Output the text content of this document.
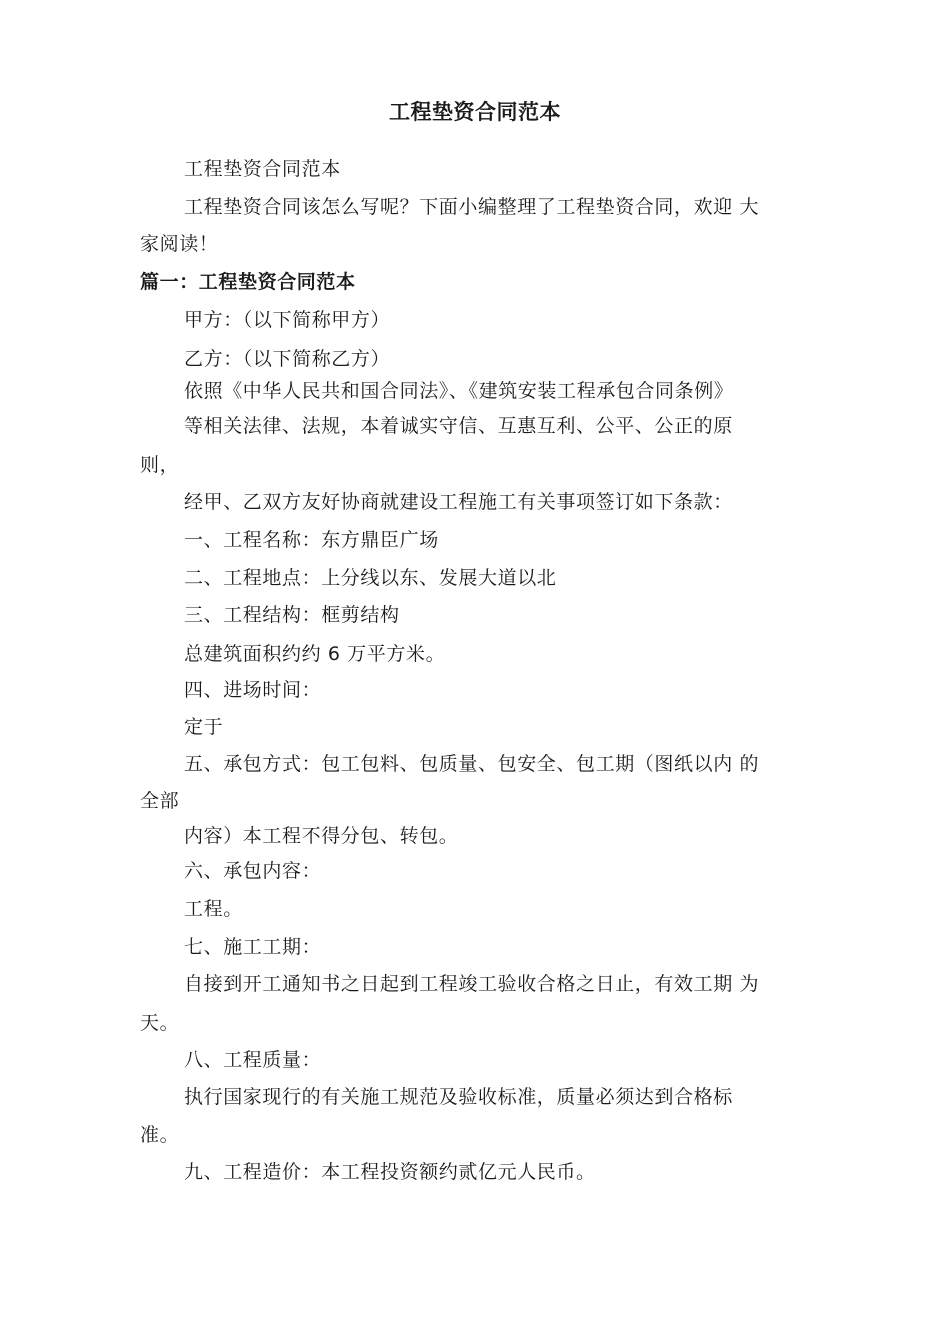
工程垫资合同范本
工程垫资合同范本
工程垫资合同该怎么写呢？下面小编整理了工程垫资合同，欢迎 大
家阅读！
篇一：工程垫资合同范本
甲方：（以下简称甲方）
乙方：（以下简称乙方）
依照《中华人民共和国合同法》、《建筑安装工程承包合同条例》
等相关法律、法规，本着诚实守信、互惠互利、公平、公正的原
则，
经甲、乙双方友好协商就建设工程施工有关事项签订如下条款：
一、工程名称：东方鼎臣广场
二、工程地点：上分线以东、发展大道以北
三、工程结构：框剪结构
总建筑面积约约 6 万平方米。
四、进场时间：
定于
五、承包方式：包工包料、包质量、包安全、包工期（图纸以内 的
全部
内容）本工程不得分包、转包。
六、承包内容：
工程。
七、施工工期：
自接到开工通知书之日起到工程竣工验收合格之日止，有效工期 为
天。
八、工程质量：
执行国家现行的有关施工规范及验收标准，质量必须达到合格标
准。
九、工程造价：本工程投资额约贰亿元人民币。
